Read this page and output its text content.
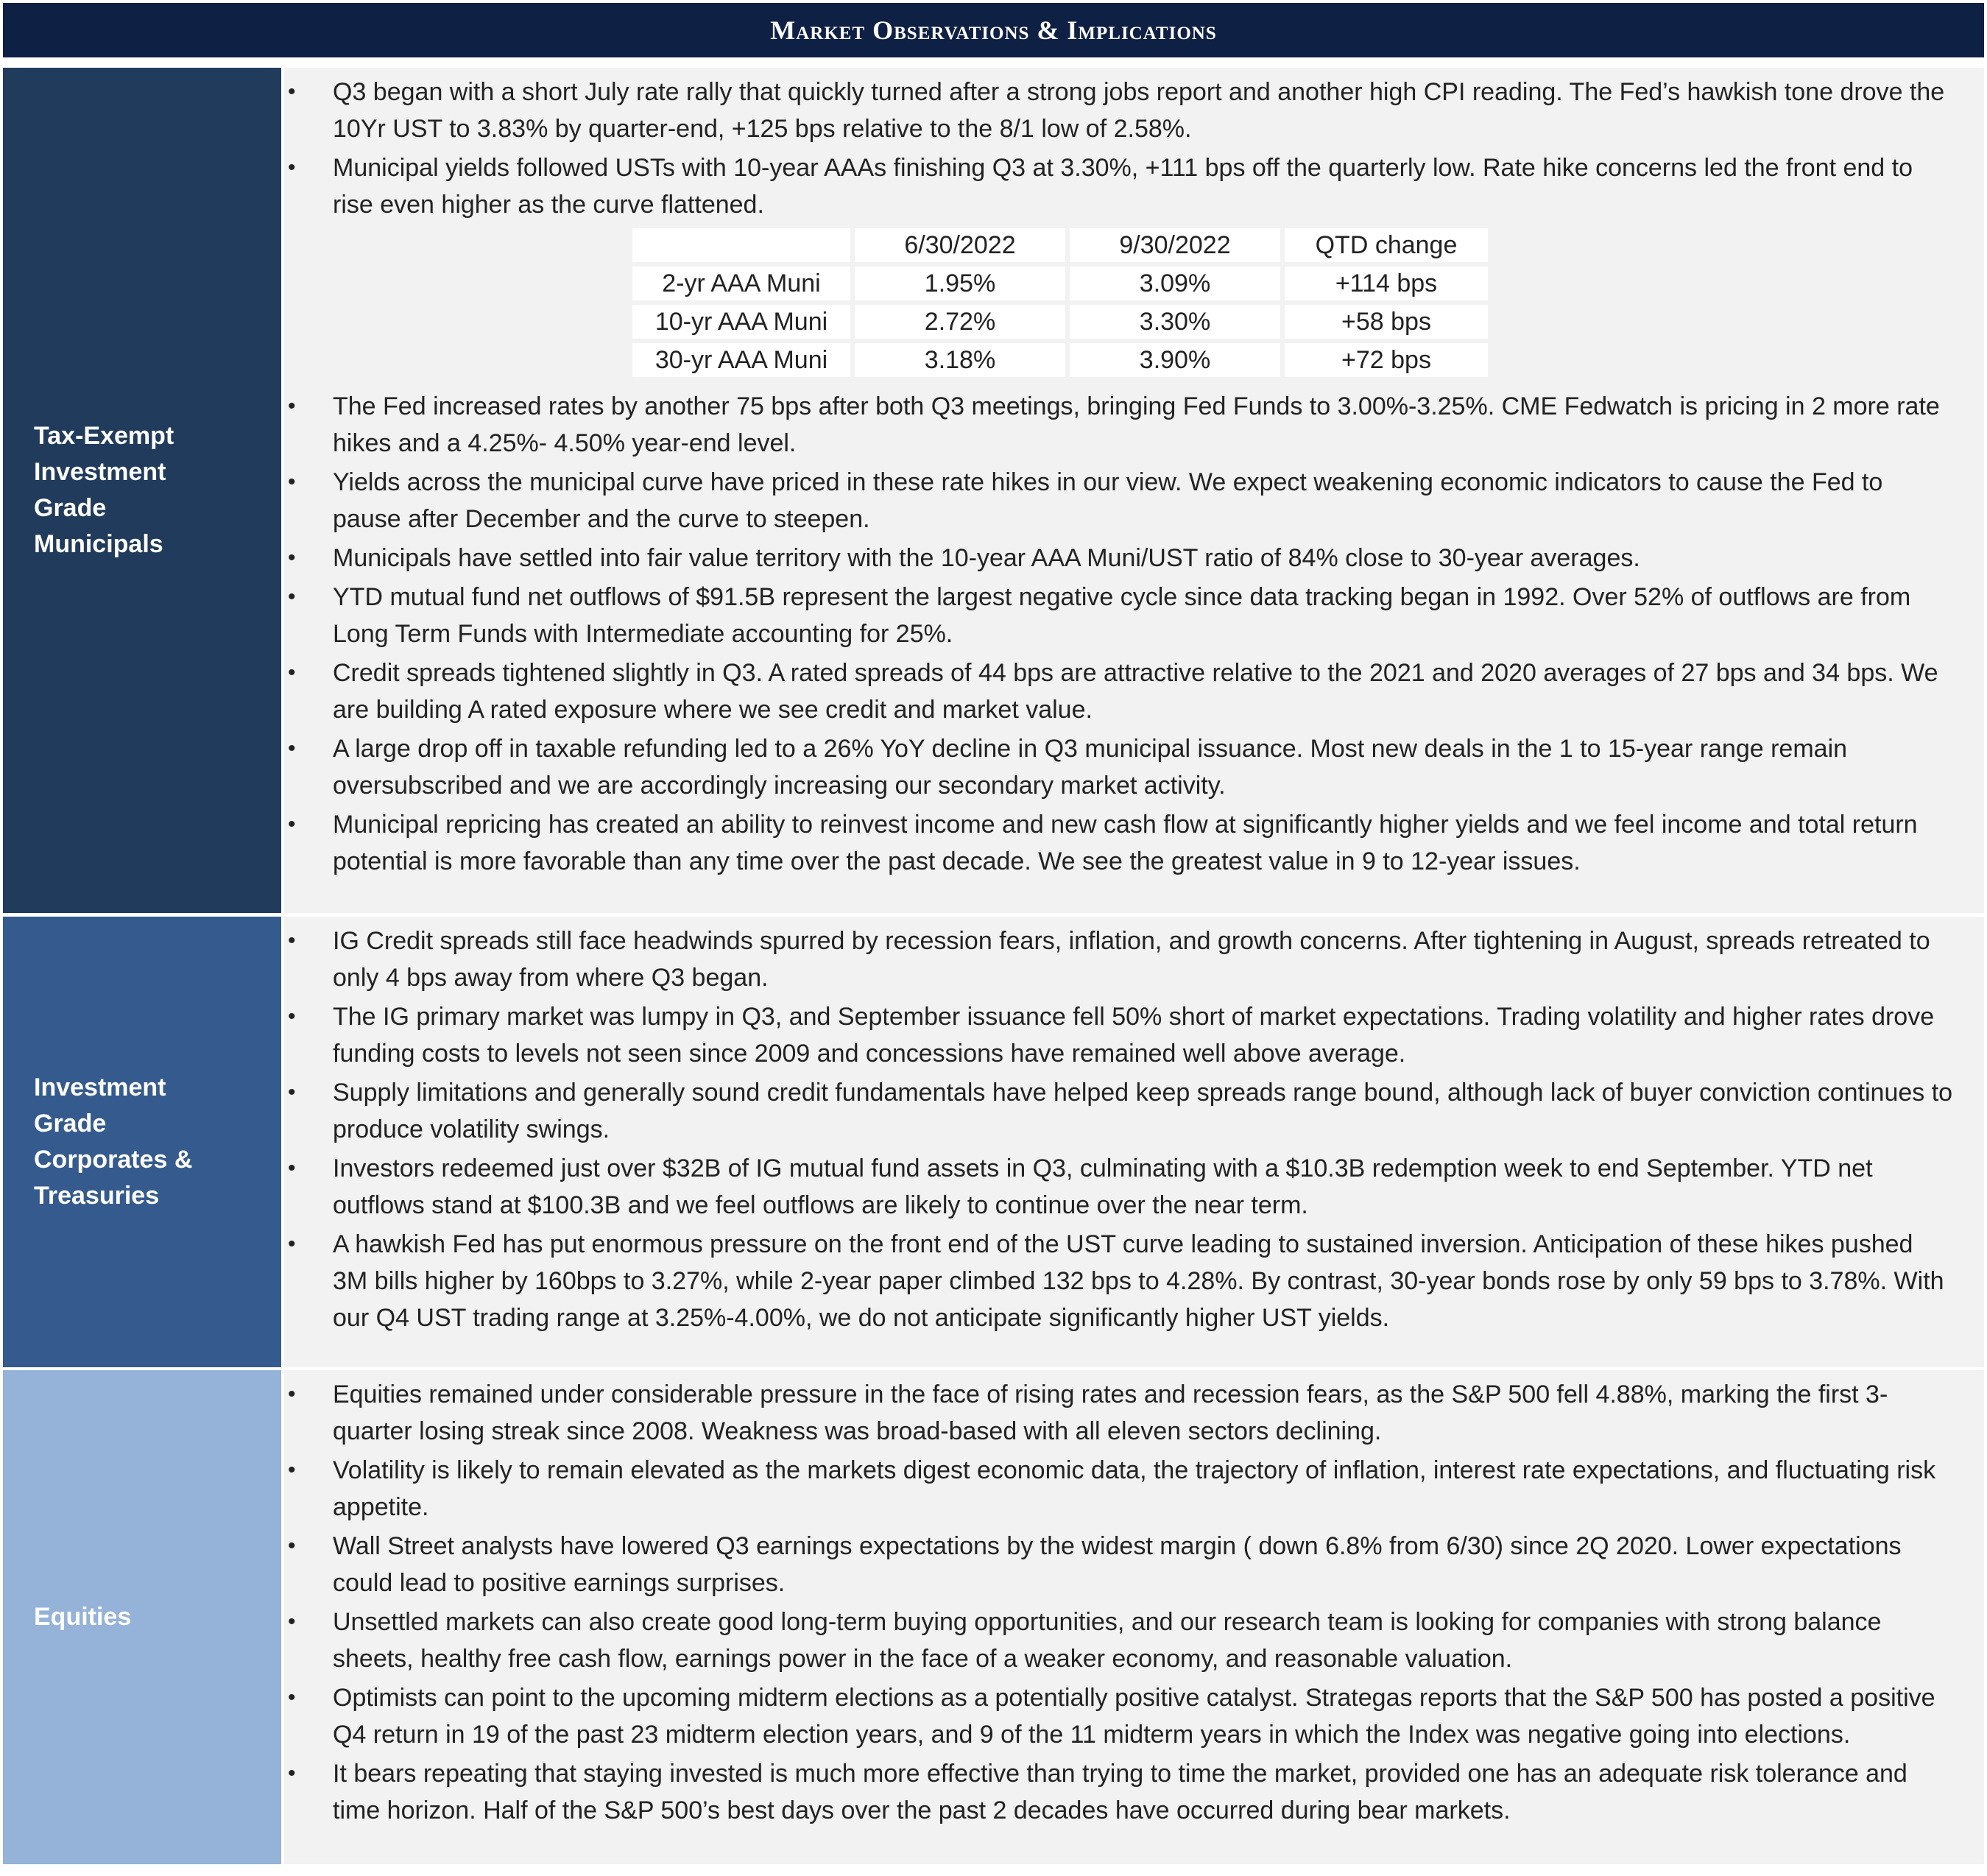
Market Observations & Implications
Tax-Exempt
Investment
Grade
Municipals
• Q3 began with a short July rate rally that quickly turned after a strong jobs report and another high CPI reading. The Fed’s hawkish tone drove the 10Yr UST to 3.83% by quarter-end, +125 bps relative to the 8/1 low of 2.58%.
• Municipal yields followed USTs with 10-year AAAs finishing Q3 at 3.30%, +111 bps off the quarterly low. Rate hike concerns led the front end to rise even higher as the curve flattened.
	6/30/2022	9/30/2022	QTD change
2-yr AAA Muni	1.95%	3.09%	+114 bps
10-yr AAA Muni	2.72%	3.30%	+58 bps
30-yr AAA Muni	3.18%	3.90%	+72 bps
• The Fed increased rates by another 75 bps after both Q3 meetings, bringing Fed Funds to 3.00%-3.25%. CME Fedwatch is pricing in 2 more rate hikes and a 4.25%- 4.50% year-end level.
• Yields across the municipal curve have priced in these rate hikes in our view. We expect weakening economic indicators to cause the Fed to pause after December and the curve to steepen.
• Municipals have settled into fair value territory with the 10-year AAA Muni/UST ratio of 84% close to 30-year averages.
• YTD mutual fund net outflows of $91.5B represent the largest negative cycle since data tracking began in 1992. Over 52% of outflows are from Long Term Funds with Intermediate accounting for 25%.
• Credit spreads tightened slightly in Q3. A rated spreads of 44 bps are attractive relative to the 2021 and 2020 averages of 27 bps and 34 bps. We are building A rated exposure where we see credit and market value.
• A large drop off in taxable refunding led to a 26% YoY decline in Q3 municipal issuance. Most new deals in the 1 to 15-year range remain oversubscribed and we are accordingly increasing our secondary market activity.
• Municipal repricing has created an ability to reinvest income and new cash flow at significantly higher yields and we feel income and total return potential is more favorable than any time over the past decade. We see the greatest value in 9 to 12-year issues.
Investment
Grade
Corporates &
Treasuries
• IG Credit spreads still face headwinds spurred by recession fears, inflation, and growth concerns. After tightening in August, spreads retreated to only 4 bps away from where Q3 began.
• The IG primary market was lumpy in Q3, and September issuance fell 50% short of market expectations. Trading volatility and higher rates drove funding costs to levels not seen since 2009 and concessions have remained well above average.
• Supply limitations and generally sound credit fundamentals have helped keep spreads range bound, although lack of buyer conviction continues to produce volatility swings.
• Investors redeemed just over $32B of IG mutual fund assets in Q3, culminating with a $10.3B redemption week to end September. YTD net outflows stand at $100.3B and we feel outflows are likely to continue over the near term.
• A hawkish Fed has put enormous pressure on the front end of the UST curve leading to sustained inversion. Anticipation of these hikes pushed 3M bills higher by 160bps to 3.27%, while 2-year paper climbed 132 bps to 4.28%. By contrast, 30-year bonds rose by only 59 bps to 3.78%. With our Q4 UST trading range at 3.25%-4.00%, we do not anticipate significantly higher UST yields.
Equities
• Equities remained under considerable pressure in the face of rising rates and recession fears, as the S&P 500 fell 4.88%, marking the first 3-quarter losing streak since 2008. Weakness was broad-based with all eleven sectors declining.
• Volatility is likely to remain elevated as the markets digest economic data, the trajectory of inflation, interest rate expectations, and fluctuating risk appetite.
• Wall Street analysts have lowered Q3 earnings expectations by the widest margin ( down 6.8% from 6/30) since 2Q 2020. Lower expectations could lead to positive earnings surprises.
• Unsettled markets can also create good long-term buying opportunities, and our research team is looking for companies with strong balance sheets, healthy free cash flow, earnings power in the face of a weaker economy, and reasonable valuation.
• Optimists can point to the upcoming midterm elections as a potentially positive catalyst. Strategas reports that the S&P 500 has posted a positive Q4 return in 19 of the past 23 midterm election years, and 9 of the 11 midterm years in which the Index was negative going into elections.
• It bears repeating that staying invested is much more effective than trying to time the market, provided one has an adequate risk tolerance and time horizon. Half of the S&P 500’s best days over the past 2 decades have occurred during bear markets.
